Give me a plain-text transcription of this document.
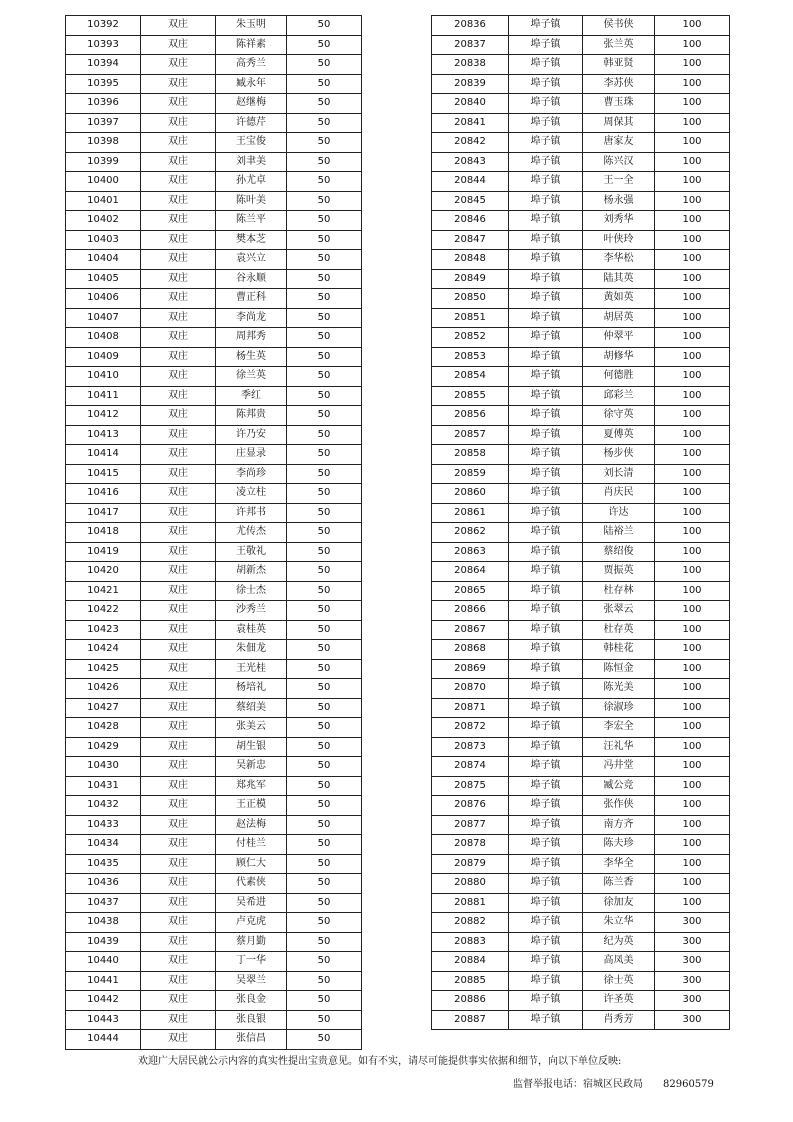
10392	双庄	朱玉明	50
10393	双庄	陈祥素	50
10394	双庄	高秀兰	50
10395	双庄	臧永年	50
10396	双庄	赵继梅	50
10397	双庄	许德芹	50
10398	双庄	王宝俊	50
10399	双庄	刘聿美	50
10400	双庄	孙尤卓	50
10401	双庄	陈叶美	50
10402	双庄	陈兰平	50
10403	双庄	樊本芝	50
10404	双庄	袁兴立	50
10405	双庄	谷永顺	50
10406	双庄	曹正科	50
10407	双庄	李尚龙	50
10408	双庄	周邦秀	50
10409	双庄	杨生英	50
10410	双庄	徐兰英	50
10411	双庄	季红	50
10412	双庄	陈邦贵	50
10413	双庄	许乃安	50
10414	双庄	庄显录	50
10415	双庄	李尚珍	50
10416	双庄	凌立柱	50
10417	双庄	许邦书	50
10418	双庄	尤传杰	50
10419	双庄	王敬礼	50
10420	双庄	胡新杰	50
10421	双庄	徐士杰	50
10422	双庄	沙秀兰	50
10423	双庄	袁桂英	50
10424	双庄	朱佃龙	50
10425	双庄	王光桂	50
10426	双庄	杨培礼	50
10427	双庄	蔡绍美	50
10428	双庄	张美云	50
10429	双庄	胡生银	50
10430	双庄	吴新忠	50
10431	双庄	郑兆军	50
10432	双庄	王正模	50
10433	双庄	赵法梅	50
10434	双庄	付桂兰	50
10435	双庄	顾仁大	50
10436	双庄	代素侠	50
10437	双庄	吴希进	50
10438	双庄	卢克虎	50
10439	双庄	蔡月勤	50
10440	双庄	丁一华	50
10441	双庄	吴翠兰	50
10442	双庄	张良金	50
10443	双庄	张良银	50
10444	双庄	张信昌	50
20836	埠子镇	侯书侠	100
20837	埠子镇	张兰英	100
20838	埠子镇	韩亚贤	100
20839	埠子镇	李苏侠	100
20840	埠子镇	曹玉珠	100
20841	埠子镇	周保其	100
20842	埠子镇	唐家友	100
20843	埠子镇	陈兴汉	100
20844	埠子镇	王一全	100
20845	埠子镇	杨永强	100
20846	埠子镇	刘秀华	100
20847	埠子镇	叶侠玲	100
20848	埠子镇	李华松	100
20849	埠子镇	陆其英	100
20850	埠子镇	黄如英	100
20851	埠子镇	胡居英	100
20852	埠子镇	仲翠平	100
20853	埠子镇	胡修华	100
20854	埠子镇	何德胜	100
20855	埠子镇	邱彩兰	100
20856	埠子镇	徐守英	100
20857	埠子镇	夏傅英	100
20858	埠子镇	杨步侠	100
20859	埠子镇	刘长清	100
20860	埠子镇	肖庆民	100
20861	埠子镇	许达	100
20862	埠子镇	陆裕兰	100
20863	埠子镇	蔡绍俊	100
20864	埠子镇	贾振英	100
20865	埠子镇	杜存林	100
20866	埠子镇	张翠云	100
20867	埠子镇	杜存英	100
20868	埠子镇	韩桂花	100
20869	埠子镇	陈恒金	100
20870	埠子镇	陈光美	100
20871	埠子镇	徐淑珍	100
20872	埠子镇	李宏全	100
20873	埠子镇	汪礼华	100
20874	埠子镇	冯井堂	100
20875	埠子镇	臧公竞	100
20876	埠子镇	张作侠	100
20877	埠子镇	南方齐	100
20878	埠子镇	陈夫珍	100
20879	埠子镇	李华全	100
20880	埠子镇	陈兰香	100
20881	埠子镇	徐加友	100
20882	埠子镇	朱立华	300
20883	埠子镇	纪为英	300
20884	埠子镇	高凤美	300
20885	埠子镇	徐士英	300
20886	埠子镇	许圣英	300
20887	埠子镇	肖秀芳	300
欢迎广大居民就公示内容的真实性提出宝贵意见。如有不实，请尽可能提供事实依据和细节，向以下单位反映:
监督举报电话：宿城区民政局　　82960579
